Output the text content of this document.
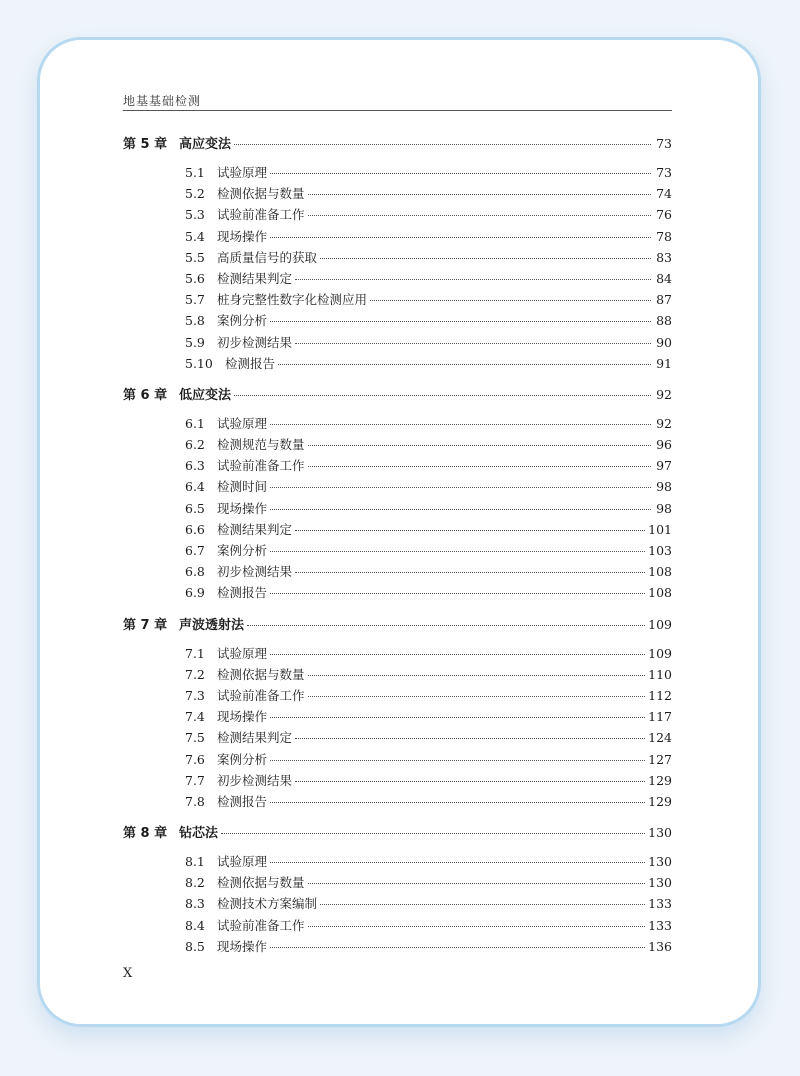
地基基础检测
第 5 章 高应变法	73
5.1 试验原理	73
5.2 检测依据与数量	74
5.3 试验前准备工作	76
5.4 现场操作	78
5.5 高质量信号的获取	83
5.6 检测结果判定	84
5.7 桩身完整性数字化检测应用	87
5.8 案例分析	88
5.9 初步检测结果	90
5.10 检测报告	91
第 6 章 低应变法	92
6.1 试验原理	92
6.2 检测规范与数量	96
6.3 试验前准备工作	97
6.4 检测时间	98
6.5 现场操作	98
6.6 检测结果判定	101
6.7 案例分析	103
6.8 初步检测结果	108
6.9 检测报告	108
第 7 章 声波透射法	109
7.1 试验原理	109
7.2 检测依据与数量	110
7.3 试验前准备工作	112
7.4 现场操作	117
7.5 检测结果判定	124
7.6 案例分析	127
7.7 初步检测结果	129
7.8 检测报告	129
第 8 章 钻芯法	130
8.1 试验原理	130
8.2 检测依据与数量	130
8.3 检测技术方案编制	133
8.4 试验前准备工作	133
8.5 现场操作	136
X
